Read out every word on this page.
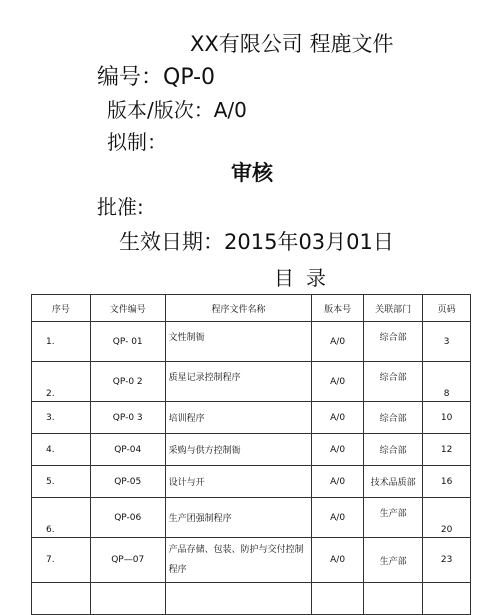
XX有限公司 程鹿文件
编号：QP-0
版本/版次：A/0
拟制：
审核
批准:
生效日期：2015年03月01日
目录
序号	文件编号	程序文件名称	版本号	关联部门	页码
1.	QP- 01	文性制衙	A/0	综合部	3
2.	QP-0 2	质星记录控制程序	A/0	综合部	8
3.	QP-0 3	培训程序	A/0	综合部	10
4.	QP-04	采购与供方控制衙	A/0	综合部	12
5.	QP-05	设计与开	A/0	技术品质部	16
6.	QP-06	生产团强制程序	A/0	生产部	20
7.	QP—07	产品存储、包装、防护与交付控制程序	A/0	生产部	23
